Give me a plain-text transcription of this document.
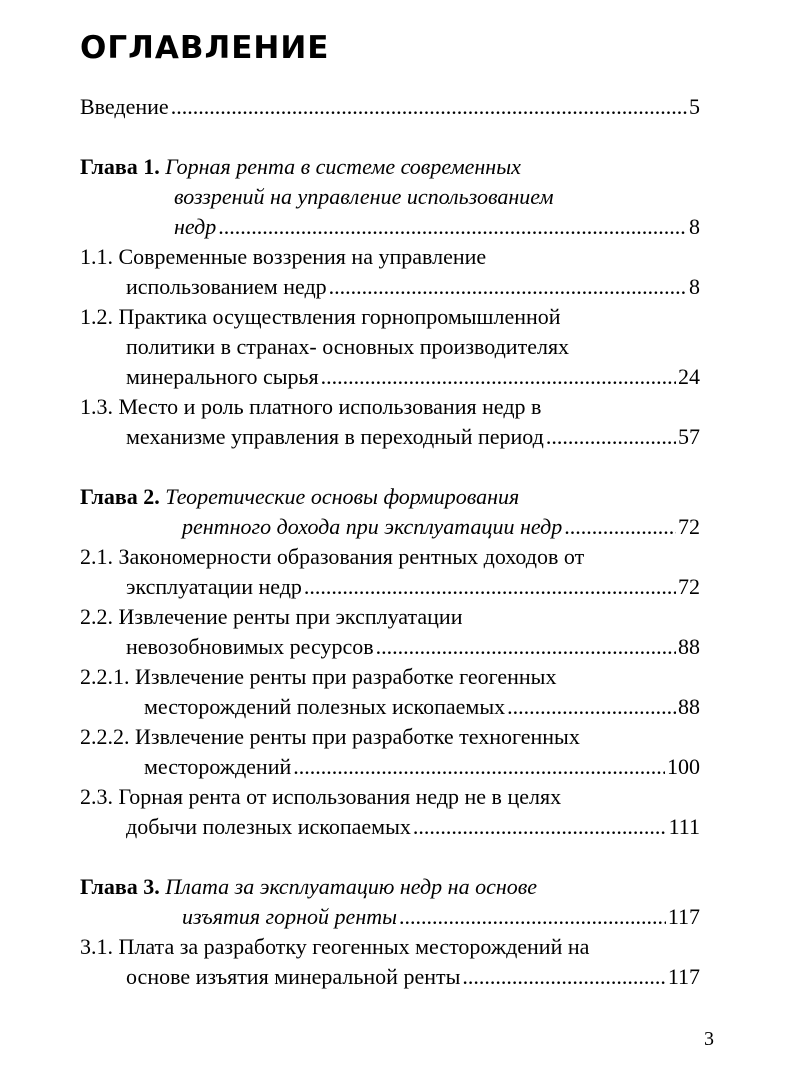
ОГЛАВЛЕНИЕ
Введение .....	5
Глава 1. Горная рента в системе современных
воззрений на управление использованием
недр .....	8
1.1. Современные воззрения на управление
использованием недр .....	8
1.2. Практика осуществления горнопромышленной
политики в странах- основных производителях
минерального сырья .....	24
1.3. Место и роль платного использования недр в
механизме управления в переходный период .....	57
Глава 2. Теоретические основы формирования
рентного дохода при эксплуатации недр .....	72
2.1. Закономерности образования рентных доходов от
эксплуатации недр .....	72
2.2. Извлечение ренты при эксплуатации
невозобновимых ресурсов .....	88
2.2.1. Извлечение ренты при разработке геогенных
месторождений полезных ископаемых .....	88
2.2.2. Извлечение ренты при разработке техногенных
месторождений .....	100
2.3. Горная рента от использования недр не в целях
добычи полезных ископаемых .....	111
Глава 3. Плата за эксплуатацию недр на основе
изъятия горной ренты .....	117
3.1. Плата за разработку геогенных месторождений на
основе изъятия минеральной ренты .....	117
3
